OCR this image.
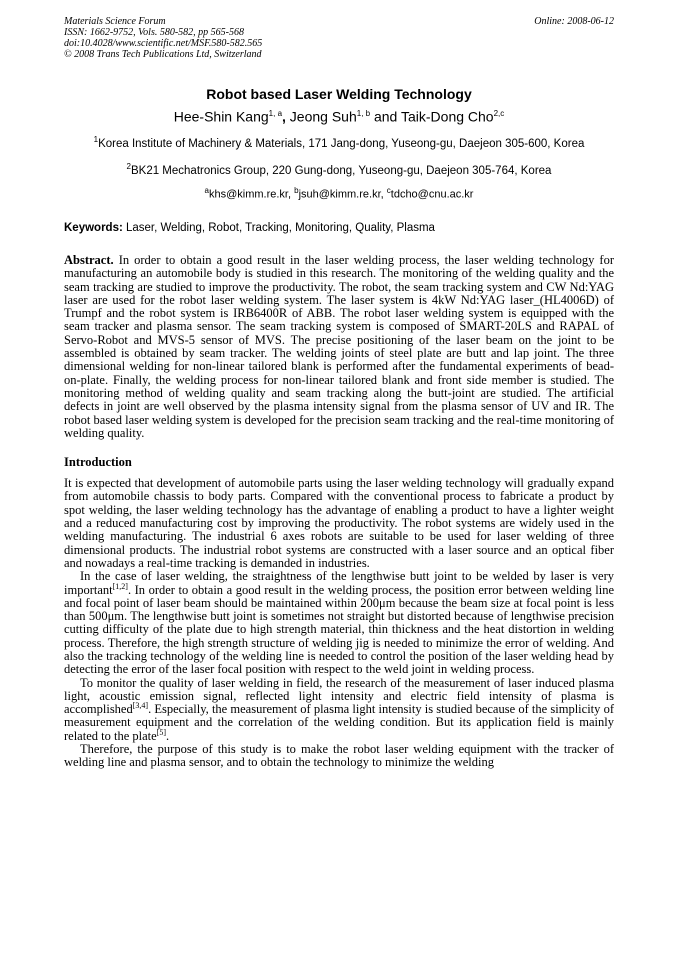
Materials Science Forum
ISSN: 1662-9752, Vols. 580-582, pp 565-568
doi:10.4028/www.scientific.net/MSF.580-582.565
© 2008 Trans Tech Publications Ltd, Switzerland
Online: 2008-06-12
Robot based Laser Welding Technology
Hee-Shin Kang$^{1, a}$, Jeong Suh$^{1, b}$ and Taik-Dong Cho$^{2,c}$
$^1$Korea Institute of Machinery & Materials, 171 Jang-dong, Yuseong-gu, Daejeon 305-600, Korea
$^2$BK21 Mechatronics Group, 220 Gung-dong, Yuseong-gu, Daejeon 305-764, Korea
$^a$khs@kimm.re.kr, $^b$jsuh@kimm.re.kr, $^c$tdcho@cnu.ac.kr
Keywords: Laser, Welding, Robot, Tracking, Monitoring, Quality, Plasma

Abstract. In order to obtain a good result in the laser welding process, the laser welding technology for manufacturing an automobile body is studied in this research. The monitoring of the welding quality and the seam tracking are studied to improve the productivity. The robot, the seam tracking system and CW Nd:YAG laser are used for the robot laser welding system. The laser system is 4kW Nd:YAG laser_(HL4006D) of Trumpf and the robot system is IRB6400R of ABB. The robot laser welding system is equipped with the seam tracker and plasma sensor. The seam tracking system is composed of SMART-20LS and RAPAL of Servo-Robot and MVS-5 sensor of MVS. The precise positioning of the laser beam on the joint to be assembled is obtained by seam tracker. The welding joints of steel plate are butt and lap joint. The three dimensional welding for non-linear tailored blank is performed after the fundamental experiments of bead-on-plate. Finally, the welding process for non-linear tailored blank and front side member is studied. The monitoring method of welding quality and seam tracking along the butt-joint are studied. The artificial defects in joint are well observed by the plasma intensity signal from the plasma sensor of UV and IR. The robot based laser welding system is developed for the precision seam tracking and the real-time monitoring of welding quality.

Introduction

It is expected that development of automobile parts using the laser welding technology will gradually expand from automobile chassis to body parts. Compared with the conventional process to fabricate a product by spot welding, the laser welding technology has the advantage of enabling a product to have a lighter weight and a reduced manufacturing cost by improving the productivity. The robot systems are widely used in the welding manufacturing. The industrial 6 axes robots are suitable to be used for laser welding of three dimensional products. The industrial robot systems are constructed with a laser source and an optical fiber and nowadays a real-time tracking is demanded in industries.

In the case of laser welding, the straightness of the lengthwise butt joint to be welded by laser is very important[1,2]. In order to obtain a good result in the welding process, the position error between welding line and focal point of laser beam should be maintained within 200μm because the beam size at focal point is less than 500μm. The lengthwise butt joint is sometimes not straight but distorted because of lengthwise precision cutting difficulty of the plate due to high strength material, thin thickness and the heat distortion in welding process. Therefore, the high strength structure of welding jig is needed to minimize the error of welding. And also the tracking technology of the welding line is needed to control the position of the laser welding head by detecting the error of the laser focal position with respect to the weld joint in welding process.

To monitor the quality of laser welding in field, the research of the measurement of laser induced plasma light, acoustic emission signal, reflected light intensity and electric field intensity of plasma is accomplished[3,4]. Especially, the measurement of plasma light intensity is studied because of the simplicity of measurement equipment and the correlation of the welding condition. But its application field is mainly related to the plate[5].

Therefore, the purpose of this study is to make the robot laser welding equipment with the tracker of welding line and plasma sensor, and to obtain the technology to minimize the welding
